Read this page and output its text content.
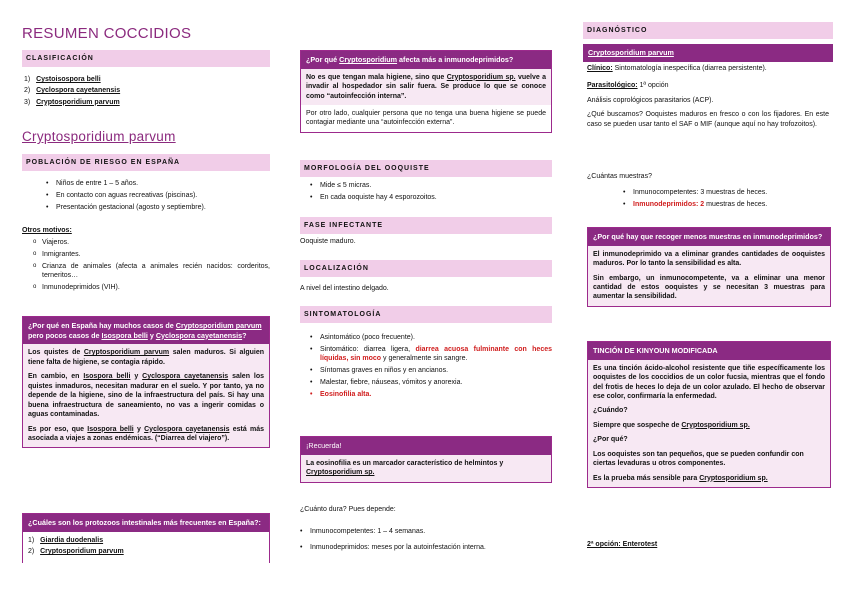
RESUMEN COCCIDIOS
CLASIFICACIÓN
1) Cystoisospora belli
2) Cyclospora cayetanensis
3) Cryptosporidium parvum
Cryptosporidium parvum
POBLACIÓN DE RIESGO EN ESPAÑA
• Niños de entre 1 – 5 años.
• En contacto con aguas recreativas (piscinas).
• Presentación gestacional (agosto y septiembre).
Otros motivos:
o Viajeros.
o Inmigrantes.
o Crianza de animales (afecta a animales recién nacidos: corderitos, terneritos…
o Inmunodeprimidos (VIH).
¿Por qué en España hay muchos casos de Cryptosporidium parvum pero pocos casos de Isospora belli y Cyclospora cayetanensis?

Los quistes de Cryptosporidium parvum salen maduros. Si alguien tiene falta de higiene, se contagia rápido.

En cambio, en Isospora belli y Cyclospora cayetanensis salen los quistes inmaduros, necesitan madurar en el suelo. Y por tanto, ya no depende de la higiene, sino de la infraestructura del país. Si hay una buena infraestructura de saneamiento, no vas a ingerir comidas o aguas contaminadas.

Es por eso, que Isospora belli y Cyclospora cayetanensis está más asociada a viajes a zonas endémicas. (“Diarrea del viajero”).

¿Cuáles son los protozoos intestinales más frecuentes en España?:
1) Giardia duodenalis
2) Cryptosporidium parvum
¿Por qué Cryptosporidium afecta más a inmunodeprimidos?
No es que tengan mala higiene, sino que Cryptosporidium sp. vuelve a invadir al hospedador sin salir fuera. Se produce lo que se conoce como “autoinfección interna”.
Por otro lado, cualquier persona que no tenga una buena higiene se puede contagiar mediante una “autoinfección externa”.
MORFOLOGÍA DEL OOQUISTE
• Mide ≤ 5 micras.
• En cada ooquiste hay 4 esporozoitos.
FASE INFECTANTE
Ooquiste maduro.
LOCALIZACIÓN
A nivel del intestino delgado.
SINTOMATOLOGÍA
• Asintomático (poco frecuente).
• Sintomático: diarrea ligera, diarrea acuosa fulminante con heces líquidas, sin moco y generalmente sin sangre.
• Síntomas graves en niños y en ancianos.
• Malestar, fiebre, náuseas, vómitos y anorexia.
• Eosinofilia alta.
¡Recuerda!
La eosinofilia es un marcador característico de helmintos y Cryptosporidium sp.
¿Cuánto dura? Pues depende:
• Inmunocompetentes: 1 – 4 semanas.
• Inmunodeprimidos: meses por la autoinfestación interna.
DIAGNÓSTICO
Cryptosporidium parvum

Clínico: Sintomatología inespecífica (diarrea persistente).

Parasitológico: 1ª opción

Análisis coprológicos parasitarios (ACP).

¿Qué buscamos? Ooquistes maduros en fresco o con los fijadores. En este caso se pueden usar tanto el SAF o MIF (aunque aquí no hay trofozoitos).

¿Cuántas muestras?
• Inmunocompetentes: 3 muestras de heces.
• Inmunodeprimidos: 2 muestras de heces.
¿Por qué hay que recoger menos muestras en inmunodeprimidos?

El inmunodeprimido va a eliminar grandes cantidades de ooquistes maduros. Por lo tanto la sensibilidad es alta.

Sin embargo, un inmunocompetente, va a eliminar una menor cantidad de estos ooquistes y se necesitan 3 muestras para aumentar la sensibilidad.

TINCIÓN DE KINYOUN MODIFICADA

Es una tinción ácido-alcohol resistente que tiñe específicamente los ooquistes de los coccidios de un color fucsia, mientras que el fondo del frotis de heces lo deja de un color azulado. El hecho de observar ese color, confirmaría la enfermedad.

¿Cuándo?

Siempre que sospeche de Cryptosporidium sp.

¿Por qué?

Los ooquistes son tan pequeños, que se pueden confundir con ciertas levaduras u otros componentes.

Es la prueba más sensible para Cryptosporidium sp.

2ª opción: Enterotest
